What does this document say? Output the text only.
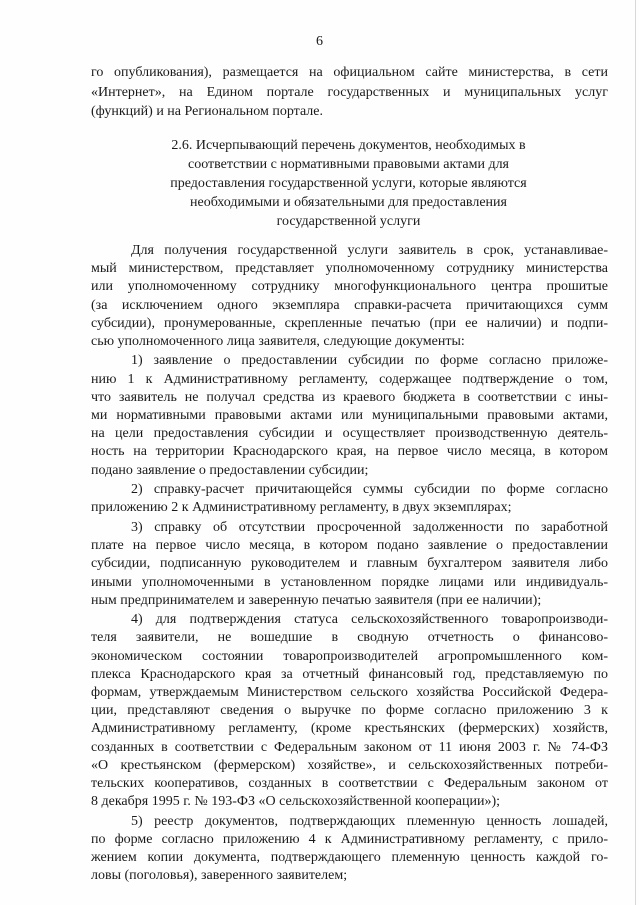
6
го опубликования), размещается на официальном сайте министерства, в сети
«Интернет», на Едином портале государственных и муниципальных услуг
(функций) и на Региональном портале.
2.6. Исчерпывающий перечень документов, необходимых в
соответствии с нормативными правовыми актами для
предоставления государственной услуги, которые являются
необходимыми и обязательными для предоставления
государственной услуги
Для получения государственной услуги заявитель в срок, устанавливае-
мый министерством, представляет уполномоченному сотруднику министерства
или уполномоченному сотруднику многофункционального центра прошитые
(за исключением одного экземпляра справки-расчета причитающихся сумм
субсидии), пронумерованные, скрепленные печатью (при ее наличии) и подпи-
сью уполномоченного лица заявителя, следующие документы:
1) заявление о предоставлении субсидии по форме согласно приложе-
нию 1 к Административному регламенту, содержащее подтверждение о том,
что заявитель не получал средства из краевого бюджета в соответствии с ины-
ми нормативными правовыми актами или муниципальными правовыми актами,
на цели предоставления субсидии и осуществляет производственную деятель-
ность на территории Краснодарского края, на первое число месяца, в котором
подано заявление о предоставлении субсидии;
2) справку-расчет причитающейся суммы субсидии по форме согласно
приложению 2 к Административному регламенту, в двух экземплярах;
3) справку об отсутствии просроченной задолженности по заработной
плате на первое число месяца, в котором подано заявление о предоставлении
субсидии, подписанную руководителем и главным бухгалтером заявителя либо
иными уполномоченными в установленном порядке лицами или индивидуаль-
ным предпринимателем и заверенную печатью заявителя (при ее наличии);
4) для подтверждения статуса сельскохозяйственного товаропроизводи-
теля заявители, не вошедшие в сводную отчетность о финансово-
экономическом состоянии товаропроизводителей агропромышленного ком-
плекса Краснодарского края за отчетный финансовый год, представляемую по
формам, утверждаемым Министерством сельского хозяйства Российской Федера-
ции, представляют сведения о выручке по форме согласно приложению 3 к
Административному регламенту, (кроме крестьянских (фермерских) хозяйств,
созданных в соответствии с Федеральным законом от 11 июня 2003 г. № 74-ФЗ
«О крестьянском (фермерском) хозяйстве», и сельскохозяйственных потреби-
тельских кооперативов, созданных в соответствии с Федеральным законом от
8 декабря 1995 г. № 193-ФЗ «О сельскохозяйственной кооперации»);
5) реестр документов, подтверждающих племенную ценность лошадей,
по форме согласно приложению 4 к Административному регламенту, с прило-
жением копии документа, подтверждающего племенную ценность каждой го-
ловы (поголовья), заверенного заявителем;
